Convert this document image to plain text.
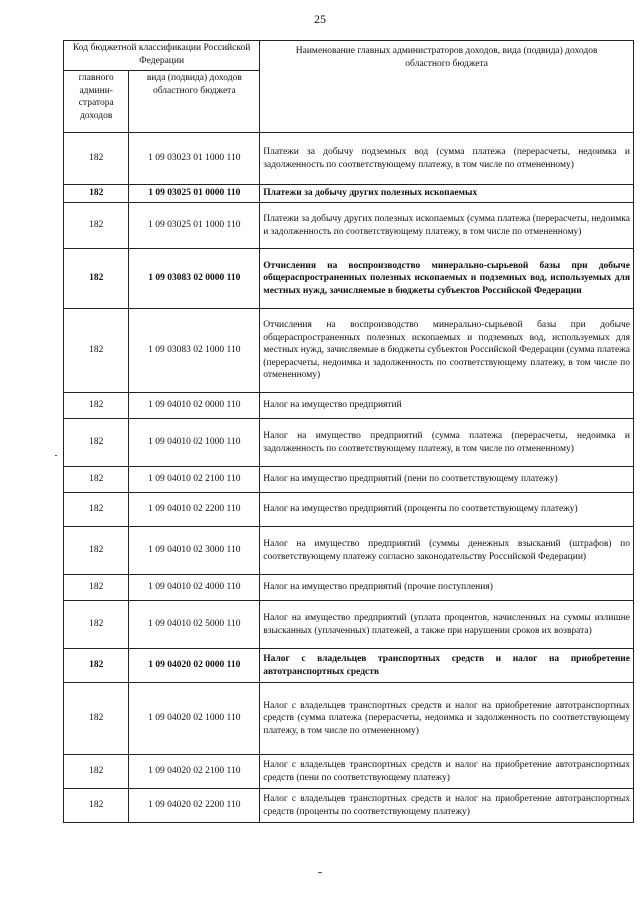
25
Код бюджетной классификации Российской Федерации		Наименование главных администраторов доходов, вида (подвида) доходов областного бюджета
главного админи-стратора доходов	вида (подвида) доходов областного бюджета	
182	1 09 03023 01 1000 110	Платежи за добычу подземных вод (сумма платежа (перерасчеты, недоимка и задолженность по соответствующему платежу, в том числе по отмененному)
182	1 09 03025 01 0000 110	Платежи за добычу других полезных ископаемых
182	1 09 03025 01 1000 110	Платежи за добычу других полезных ископаемых (сумма платежа (перерасчеты, недоимка и задолженность по соответствующему платежу, в том числе по отмененному)
182	1 09 03083 02 0000 110	Отчисления на воспроизводство минерально-сырьевой базы при добыче общераспространенных полезных ископаемых и подземных вод, используемых для местных нужд, зачисляемые в бюджеты субъектов Российской Федерации
182	1 09 03083 02 1000 110	Отчисления на воспроизводство минерально-сырьевой базы при добыче общераспространенных полезных ископаемых и подземных вод, используемых для местных нужд, зачисляемые в бюджеты субъектов Российской Федерации (сумма платежа (перерасчеты, недоимка и задолженность по соответствующему платежу, в том числе по отмененному)
182	1 09 04010 02 0000 110	Налог на имущество предприятий
182	1 09 04010 02 1000 110	Налог на имущество предприятий (сумма платежа (перерасчеты, недоимка и задолженность по соответствующему платежу, в том числе по отмененному)
182	1 09 04010 02 2100 110	Налог на имущество предприятий (пени по соответствующему платежу)
182	1 09 04010 02 2200 110	Налог на имущество предприятий (проценты по соответствующему платежу)
182	1 09 04010 02 3000 110	Налог на имущество предприятий (суммы денежных взысканий (штрафов) по соответствующему платежу согласно законодательству Российской Федерации)
182	1 09 04010 02 4000 110	Налог на имущество предприятий (прочие поступления)
182	1 09 04010 02 5000 110	Налог на имущество предприятий (уплата процентов, начисленных на суммы излишне взысканных (уплаченных) платежей, а также при нарушении сроков их возврата)
182	1 09 04020 02 0000 110	Налог с владельцев транспортных средств и налог на приобретение автотранспортных средств
182	1 09 04020 02 1000 110	Налог с владельцев транспортных средств и налог на приобретение автотранспортных средств (сумма платежа (перерасчеты, недоимка и задолженность по соответствующему платежу, в том числе по отмененному)
182	1 09 04020 02 2100 110	Налог с владельцев транспортных средств и налог на приобретение автотранспортных средств (пени по соответствующему платежу)
182	1 09 04020 02 2200 110	Налог с владельцев транспортных средств и налог на приобретение автотранспортных средств (проценты по соответствующему платежу)
